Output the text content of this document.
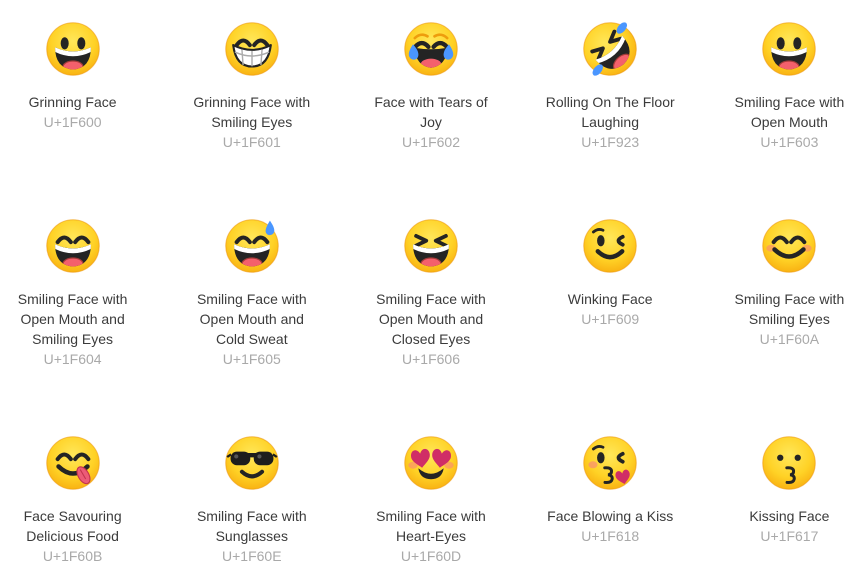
Grinning Face
U+1F600
Grinning Face with
Smiling Eyes
U+1F601
Face with Tears of
Joy
U+1F602
Rolling On The Floor
Laughing
U+1F923
Smiling Face with
Open Mouth
U+1F603
Smiling Face with
Open Mouth and
Smiling Eyes
U+1F604
Smiling Face with
Open Mouth and
Cold Sweat
U+1F605
Smiling Face with
Open Mouth and
Closed Eyes
U+1F606
Winking Face
U+1F609
Smiling Face with
Smiling Eyes
U+1F60A
Face Savouring
Delicious Food
U+1F60B
Smiling Face with
Sunglasses
U+1F60E
Smiling Face with
Heart-Eyes
U+1F60D
Face Blowing a Kiss
U+1F618
Kissing Face
U+1F617
